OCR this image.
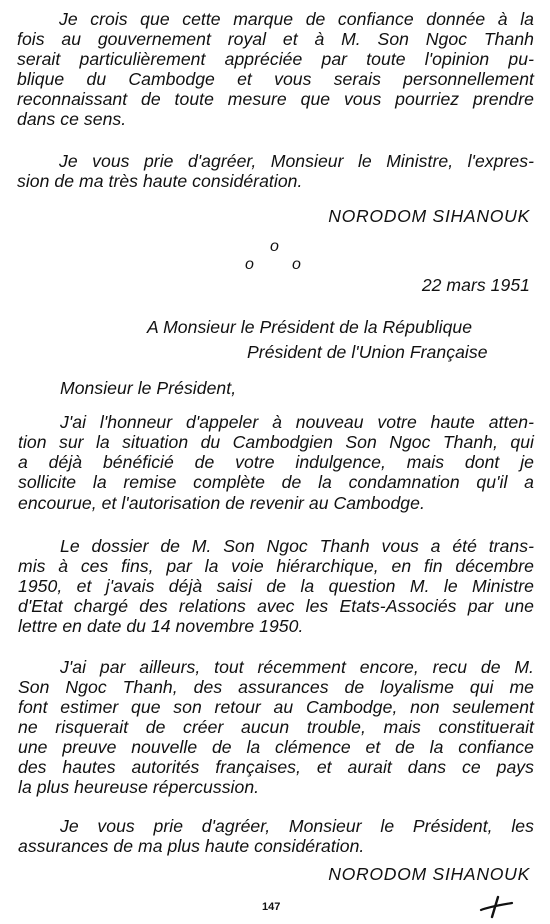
Je crois que cette marque de confiance donnée à la
fois au gouvernement royal et à M. Son Ngoc Thanh
serait particulièrement appréciée par toute l'opinion pu-
blique du Cambodge et vous serais personnellement
reconnaissant de toute mesure que vous pourriez prendre
dans ce sens.
Je vous prie d'agréer, Monsieur le Ministre, l'expres-
sion de ma très haute considération.
NORODOM SIHANOUK
o
o o
22 mars 1951
A Monsieur le Président de la République
Président de l'Union Française
Monsieur le Président,
J'ai l'honneur d'appeler à nouveau votre haute atten-
tion sur la situation du Cambodgien Son Ngoc Thanh, qui
a déjà bénéficié de votre indulgence, mais dont je
sollicite la remise complète de la condamnation qu'il a
encourue, et l'autorisation de revenir au Cambodge.
Le dossier de M. Son Ngoc Thanh vous a été trans-
mis à ces fins, par la voie hiérarchique, en fin décembre
1950, et j'avais déjà saisi de la question M. le Ministre
d'Etat chargé des relations avec les Etats-Associés par une
lettre en date du 14 novembre 1950.
J'ai par ailleurs, tout récemment encore, recu de M.
Son Ngoc Thanh, des assurances de loyalisme qui me
font estimer que son retour au Cambodge, non seulement
ne risquerait de créer aucun trouble, mais constituerait
une preuve nouvelle de la clémence et de la confiance
des hautes autorités françaises, et aurait dans ce pays
la plus heureuse répercussion.
Je vous prie d'agréer, Monsieur le Président, les
assurances de ma plus haute considération.
NORODOM SIHANOUK
147
